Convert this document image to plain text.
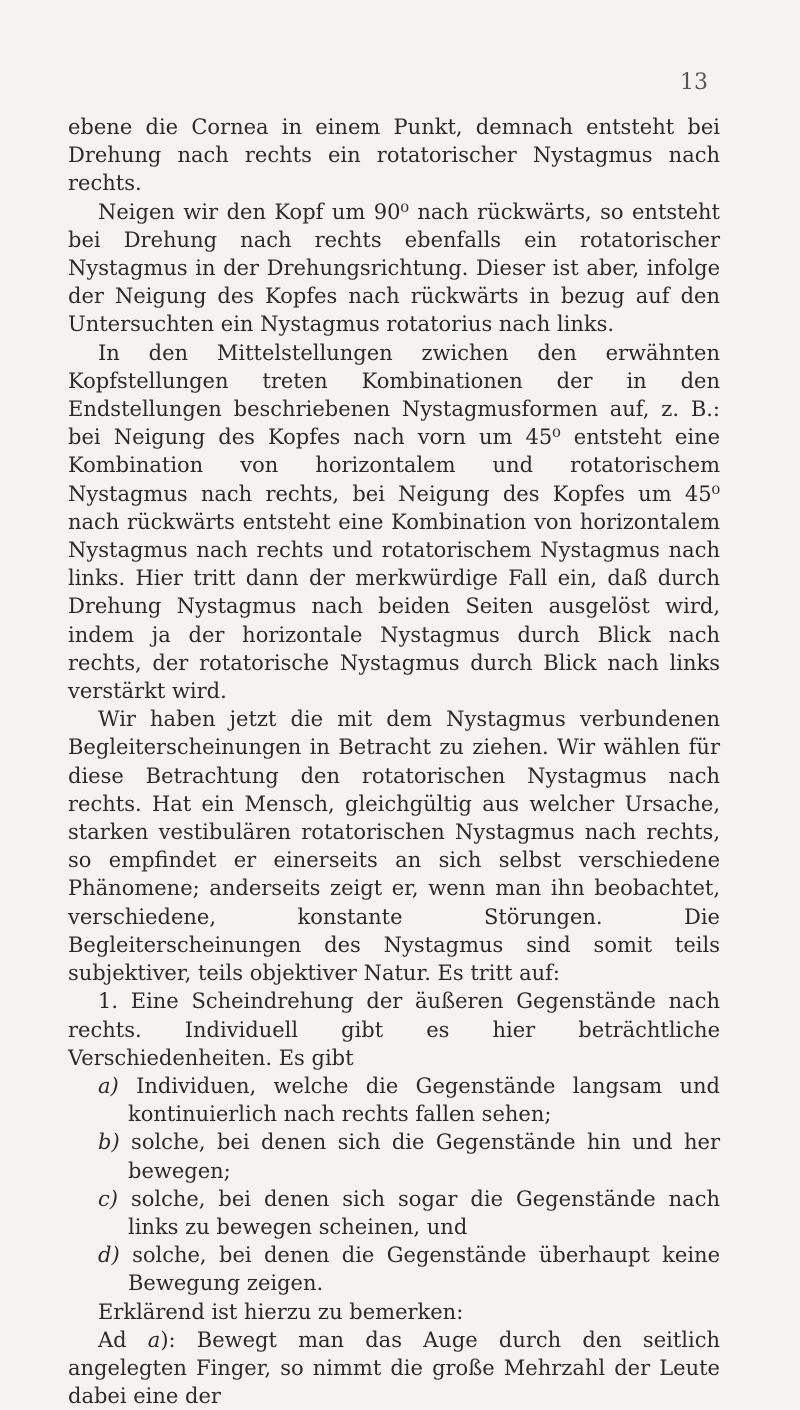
13

ebene die Cornea in einem Punkt, demnach entsteht bei Drehung nach rechts ein rotatorischer Nystagmus nach rechts.

Neigen wir den Kopf um 90⁰ nach rückwärts, so entsteht bei Drehung nach rechts ebenfalls ein rotatorischer Nystagmus in der Drehungsrichtung. Dieser ist aber, infolge der Neigung des Kopfes nach rückwärts in bezug auf den Untersuchten ein Nystagmus rotatorius nach links.

In den Mittelstellungen zwichen den erwähnten Kopfstellungen treten Kombinationen der in den Endstellungen beschriebenen Nystagmusformen auf, z. B.: bei Neigung des Kopfes nach vorn um 45⁰ entsteht eine Kombination von horizontalem und rotatorischem Nystagmus nach rechts, bei Neigung des Kopfes um 45⁰ nach rückwärts entsteht eine Kombination von horizontalem Nystagmus nach rechts und rotatorischem Nystagmus nach links. Hier tritt dann der merkwürdige Fall ein, daß durch Drehung Nystagmus nach beiden Seiten ausgelöst wird, indem ja der horizontale Nystagmus durch Blick nach rechts, der rotatorische Nystagmus durch Blick nach links verstärkt wird.

Wir haben jetzt die mit dem Nystagmus verbundenen Begleiterscheinungen in Betracht zu ziehen. Wir wählen für diese Betrachtung den rotatorischen Nystagmus nach rechts. Hat ein Mensch, gleichgültig aus welcher Ursache, starken vestibulären rotatorischen Nystagmus nach rechts, so empfindet er einerseits an sich selbst verschiedene Phänomene; anderseits zeigt er, wenn man ihn beobachtet, verschiedene, konstante Störungen. Die Begleiterscheinungen des Nystagmus sind somit teils subjektiver, teils objektiver Natur. Es tritt auf:

1. Eine Scheindrehung der äußeren Gegenstände nach rechts. Individuell gibt es hier beträchtliche Verschiedenheiten. Es gibt

a) Individuen, welche die Gegenstände langsam und kontinuierlich nach rechts fallen sehen;

b) solche, bei denen sich die Gegenstände hin und her bewegen;

c) solche, bei denen sich sogar die Gegenstände nach links zu bewegen scheinen, und

d) solche, bei denen die Gegenstände überhaupt keine Bewegung zeigen.

Erklärend ist hierzu zu bemerken:

Ad a): Bewegt man das Auge durch den seitlich angelegten Finger, so nimmt die große Mehrzahl der Leute dabei eine der
